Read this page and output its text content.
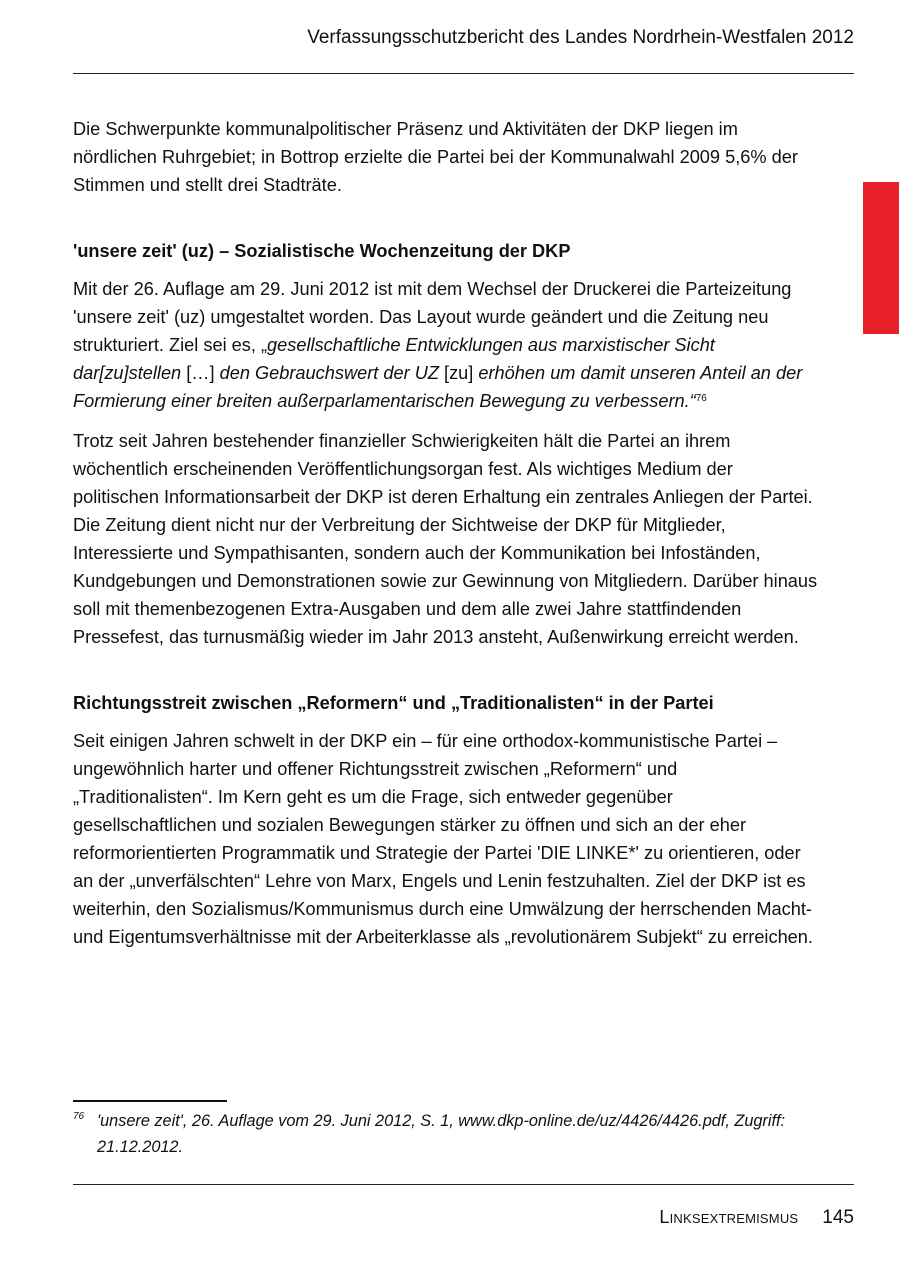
Verfassungsschutzbericht des Landes Nordrhein-Westfalen 2012

Die Schwerpunkte kommunalpolitischer Präsenz und Aktivitäten der DKP liegen im nördlichen Ruhrgebiet; in Bottrop erzielte die Partei bei der Kommunalwahl 2009 5,6% der Stimmen und stellt drei Stadträte.

'unsere zeit' (uz) – Sozialistische Wochenzeitung der DKP

Mit der 26. Auflage am 29. Juni 2012 ist mit dem Wechsel der Druckerei die Parteizeitung 'unsere zeit' (uz) umgestaltet worden. Das Layout wurde geändert und die Zeitung neu strukturiert. Ziel sei es, „gesellschaftliche Entwicklungen aus marxistischer Sicht dar[zu]stellen […] den Gebrauchswert der UZ [zu] erhöhen um damit unseren Anteil an der Formierung einer breiten außerparlamentarischen Bewegung zu verbessern.“$^{76}$

Trotz seit Jahren bestehender finanzieller Schwierigkeiten hält die Partei an ihrem wöchentlich erscheinenden Veröffentlichungsorgan fest. Als wichtiges Medium der politischen Informationsarbeit der DKP ist deren Erhaltung ein zentrales Anliegen der Partei. Die Zeitung dient nicht nur der Verbreitung der Sichtweise der DKP für Mitglieder, Interessierte und Sympathisanten, sondern auch der Kommunikation bei Infoständen, Kundgebungen und Demonstrationen sowie zur Gewinnung von Mitgliedern. Darüber hinaus soll mit themenbezogenen Extra-Ausgaben und dem alle zwei Jahre stattfindenden Pressefest, das turnusmäßig wieder im Jahr 2013 ansteht, Außenwirkung erreicht werden.

Richtungsstreit zwischen „Reformern“ und „Traditionalisten“ in der Partei

Seit einigen Jahren schwelt in der DKP ein – für eine orthodox-kommunistische Partei – ungewöhnlich harter und offener Richtungsstreit zwischen „Reformern“ und „Traditionalisten“. Im Kern geht es um die Frage, sich entweder gegenüber gesellschaftlichen und sozialen Bewegungen stärker zu öffnen und sich an der eher reformorientierten Programmatik und Strategie der Partei 'DIE LINKE*' zu orientieren, oder an der „unverfälschten“ Lehre von Marx, Engels und Lenin festzuhalten. Ziel der DKP ist es weiterhin, den Sozialismus/Kommunismus durch eine Umwälzung der herrschenden Macht- und Eigentumsverhältnisse mit der Arbeiterklasse als „revolutionärem Subjekt“ zu erreichen.

76 'unsere zeit', 26. Auflage vom 29. Juni 2012, S. 1, www.dkp-online.de/uz/4426/4426.pdf, Zugriff: 21.12.2012.
Linksextremismus 145
